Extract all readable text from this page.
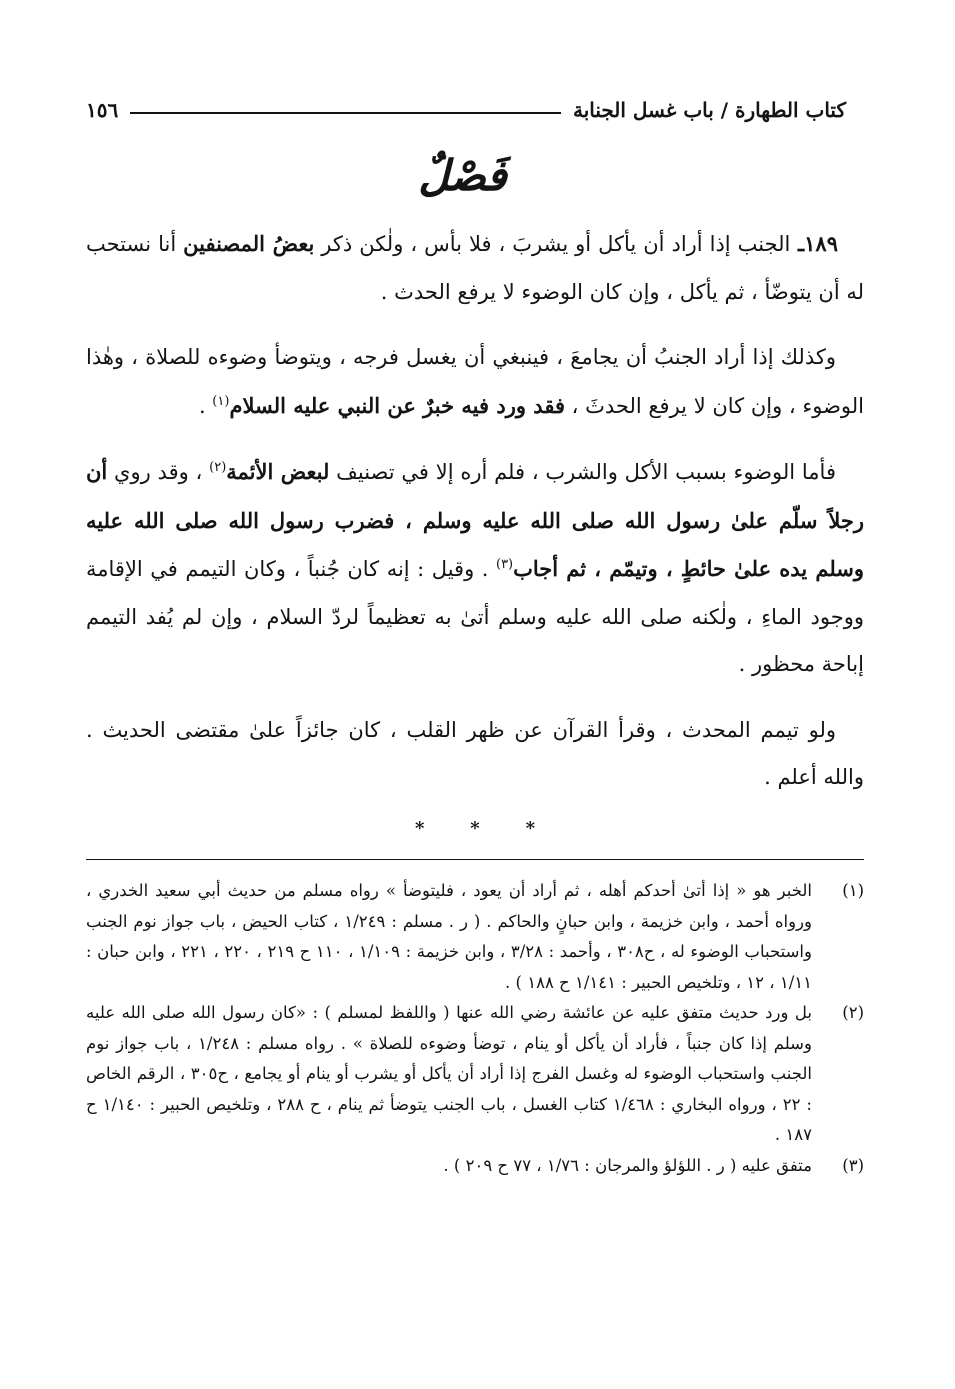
كتاب الطهارة / باب غسل الجنابة
١٥٦
فَصْلٌ

١٨٩ـ الجنب إذا أراد أن يأكل أو يشربَ ، فلا بأس ، ولٰكن ذكر بعضُ المصنفين أنا نستحب له أن يتوضّأ ، ثم يأكل ، وإن كان الوضوء لا يرفع الحدث .

وكذلك إذا أراد الجنبُ أن يجامعَ ، فينبغي أن يغسل فرجه ، ويتوضأ وضوءه للصلاة ، وهٰذا الوضوء ، وإن كان لا يرفع الحدثَ ، فقد ورد فيه خبرٌ عن النبي عليه السلام$^{(١)}$ .

فأما الوضوء بسبب الأكل والشرب ، فلم أره إلا في تصنيف لبعض الأئمة$^{(٢)}$ ، وقد روي أن رجلاً سلّم علىٰ رسول الله صلى الله عليه وسلم ، فضرب رسول الله صلى الله عليه وسلم يده علىٰ حائطٍ ، وتيمّم ، ثم أجاب$^{(٣)}$ . وقيل : إنه كان جُنباً ، وكان التيمم في الإقامة ووجود الماءِ ، ولٰكنه صلى الله عليه وسلم أتىٰ به تعظيماً لردّ السلام ، وإن لم يُفد التيمم إباحة محظور .

ولو تيمم المحدث ، وقرأ القرآن عن ظهر القلب ، كان جائزاً علىٰ مقتضى الحديث . والله أعلم .

*	*	*
(١)
الخبر هو « إذا أتىٰ أحدكم أهله ، ثم أراد أن يعود ، فليتوضأ » رواه مسلم من حديث أبي سعيد الخدري ، ورواه أحمد ، وابن خزيمة ، وابن حبانٍ والحاكم . ( ر . مسلم : ١/٢٤٩ ، كتاب الحيض ، باب جواز نوم الجنب واستحباب الوضوء له ، ح٣٠٨ ، وأحمد : ٣/٢٨ ، وابن خزيمة : ١/١٠٩ ، ١١٠ ح ٢١٩ ، ٢٢٠ ، ٢٢١ ، وابن حبان : ١/١١ ، ١٢ ، وتلخيص الحبير : ١/١٤١ ح ١٨٨ ) .
(٢)
بل ورد حديث متفق عليه عن عائشة رضي الله عنها ( واللفظ لمسلم ) : «كان رسول الله صلى الله عليه وسلم إذا كان جنباً ، فأراد أن يأكل أو ينام ، توضأ وضوءه للصلاة » . رواه مسلم : ١/٢٤٨ ، باب جواز نوم الجنب واستحباب الوضوء له وغسل الفرج إذا أراد أن يأكل أو يشرب أو ينام أو يجامع ، ح٣٠٥ ، الرقم الخاص : ٢٢ ، ورواه البخاري : ١/٤٦٨ كتاب الغسل ، باب الجنب يتوضأ ثم ينام ، ح ٢٨٨ ، وتلخيص الحبير : ١/١٤٠ ح ١٨٧ .
(٣)
متفق عليه ( ر . اللؤلؤ والمرجان : ١/٧٦ ، ٧٧ ح ٢٠٩ ) .
